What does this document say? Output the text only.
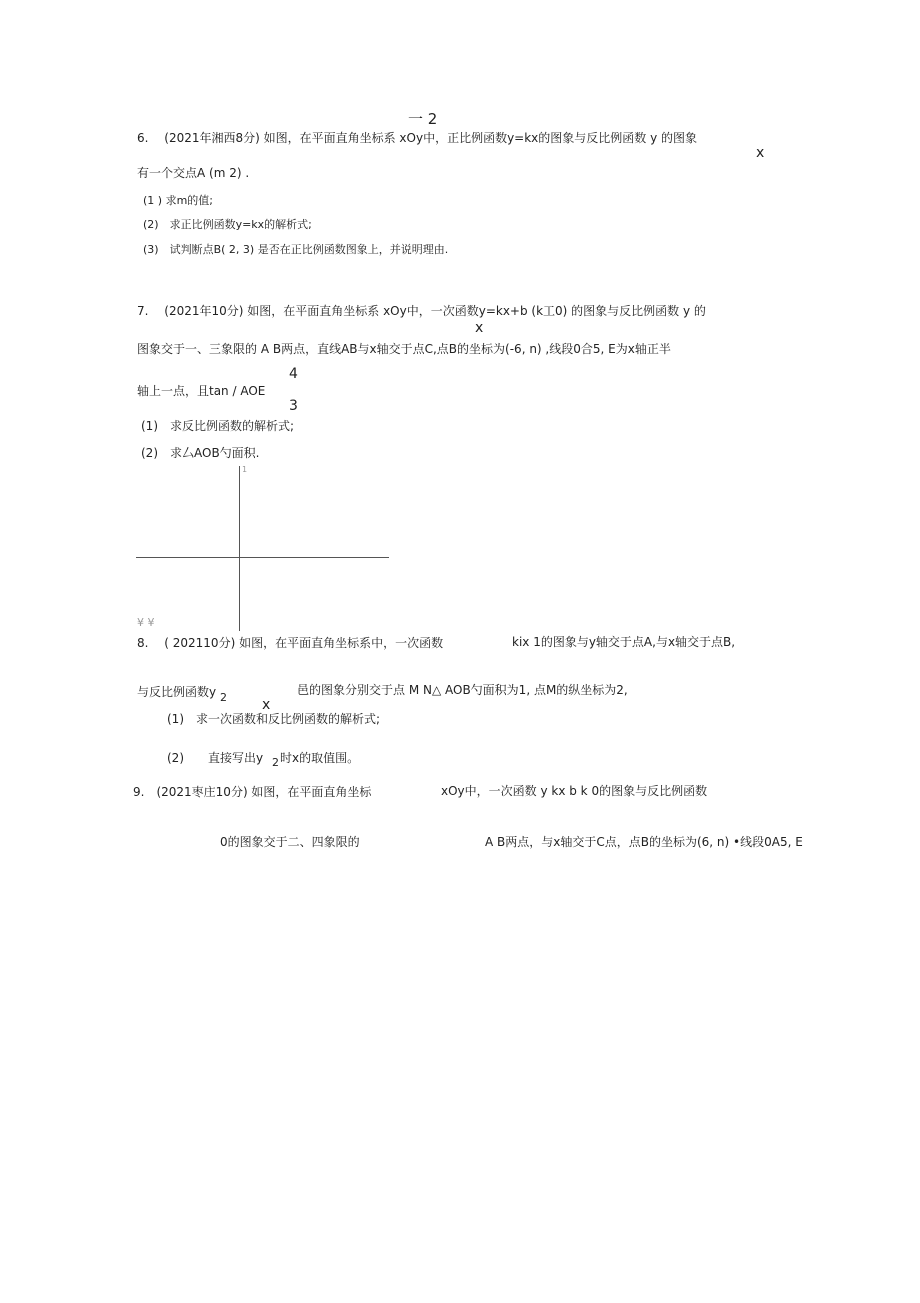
一 2
6.　 (2021年湘西8分) 如图，在平面直角坐标系 xOy中，正比例函数y=kx的图象与反比例函数 y 的图象
x
有一个交点A (m 2) .
(1 ) 求m的值;
(2)　求正比例函数y=kx的解析式;
(3)　试判断点B( 2, 3) 是否在正比例函数图象上，并说明理由.
7.　 (2021年10分) 如图，在平面直角坐标系 xOy中，一次函数y=kx+b (k工0) 的图象与反比例函数 y 的
x
图象交于一、三象限的 A B两点，直线AB与x轴交于点C,点B的坐标为(-6, n) ,线段0合5, E为x轴正半
轴上一点，且tan / AOE
4
3
(1)　求反比例函数的解析式;
(2)　求厶AOB勺面积.
1
¥ ¥
8.　 ( 202110分) 如图，在平面直角坐标系中，一次函数	kix 1的图象与y轴交于点A,与x轴交于点B,
与反比例函数y 2	x
邑的图象分别交于点 M N△ AOB勺面积为1, 点M的纵坐标为2,
(1)　求一次函数和反比例函数的解析式;
(2)　　直接写出y 2 时x的取值围。
9.　(2021枣庄10分) 如图，在平面直角坐标	xOy中，一次函数 y kx b k 0的图象与反比例函数
0的图象交于二、四象限的	A B两点，与x轴交于C点，点B的坐标为(6, n) •线段0A5, E
